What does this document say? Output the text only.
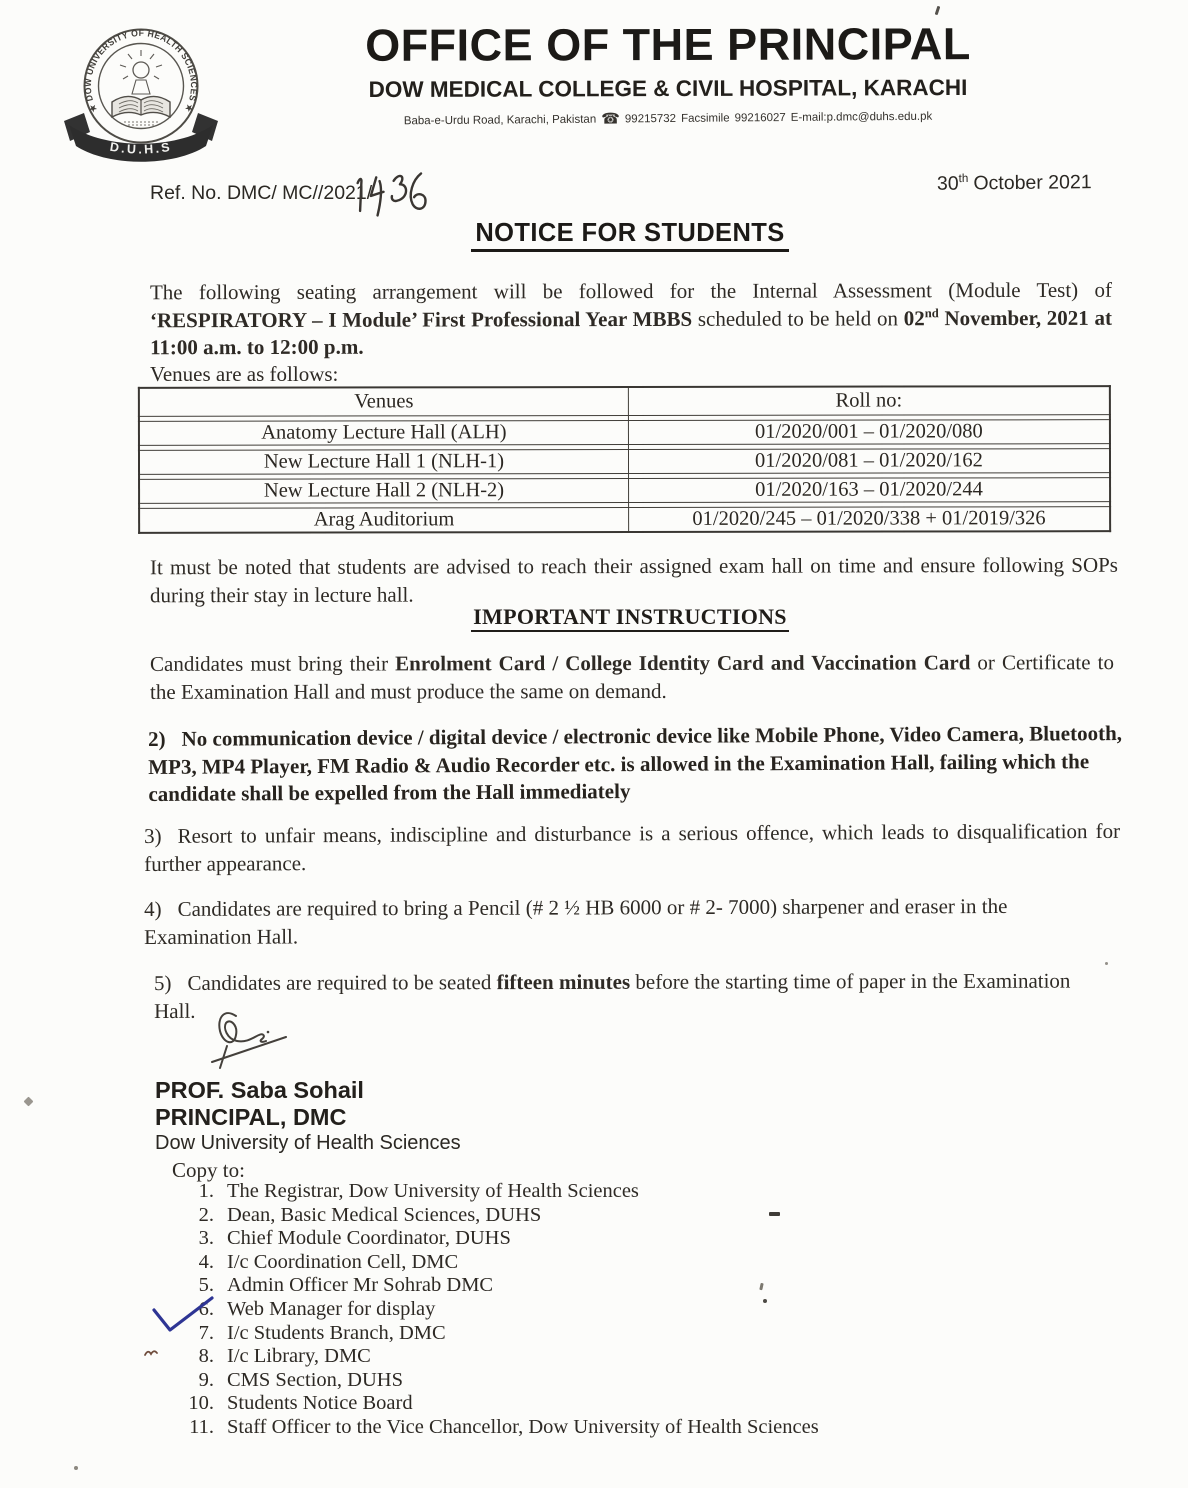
★ DOW UNIVERSITY OF HEALTH SCIENCES ★
D.U.H.S
OFFICE OF THE PRINCIPAL
DOW MEDICAL COLLEGE & CIVIL HOSPITAL, KARACHI
Baba-e-Urdu Road, Karachi, Pakistan ☎ 99215732 Facsimile 99216027 E-mail:p.dmc@duhs.edu.pk
Ref. No. DMC/ MC//2021/	30th October 2021
NOTICE FOR STUDENTS
The following seating arrangement will be followed for the Internal Assessment (Module Test) of ‘RESPIRATORY – I Module’ First Professional Year MBBS scheduled to be held on 02nd November, 2021 at 11:00 a.m. to 12:00 p.m.
Venues are as follows:
Venues	Roll no:

Anatomy Lecture Hall (ALH)	01/2020/001 – 01/2020/080

New Lecture Hall 1 (NLH-1)	01/2020/081 – 01/2020/162

New Lecture Hall 2 (NLH-2)	01/2020/163 – 01/2020/244

Arag Auditorium	01/2020/245 – 01/2020/338 + 01/2019/326
It must be noted that students are advised to reach their assigned exam hall on time and ensure following SOPs during their stay in lecture hall.
IMPORTANT INSTRUCTIONS
Candidates must bring their Enrolment Card / College Identity Card and Vaccination Card or Certificate to the Examination Hall and must produce the same on demand.
2) No communication device / digital device / electronic device like Mobile Phone, Video Camera, Bluetooth, MP3, MP4 Player, FM Radio & Audio Recorder etc. is allowed in the Examination Hall, failing which the candidate shall be expelled from the Hall immediately
3) Resort to unfair means, indiscipline and disturbance is a serious offence, which leads to disqualification for further appearance.
4) Candidates are required to bring a Pencil (# 2 ½ HB 6000 or # 2- 7000) sharpener and eraser in the Examination Hall.
5) Candidates are required to be seated fifteen minutes before the starting time of paper in the Examination Hall.
PROF. Saba Sohail
PRINCIPAL, DMC
Dow University of Health Sciences
Copy to:
1. The Registrar, Dow University of Health Sciences
2. Dean, Basic Medical Sciences, DUHS
3. Chief Module Coordinator, DUHS
4. I/c Coordination Cell, DMC
5. Admin Officer Mr Sohrab DMC
6. Web Manager for display
7. I/c Students Branch, DMC
8. I/c Library, DMC
9. CMS Section, DUHS
10. Students Notice Board
11. Staff Officer to the Vice Chancellor, Dow University of Health Sciences
